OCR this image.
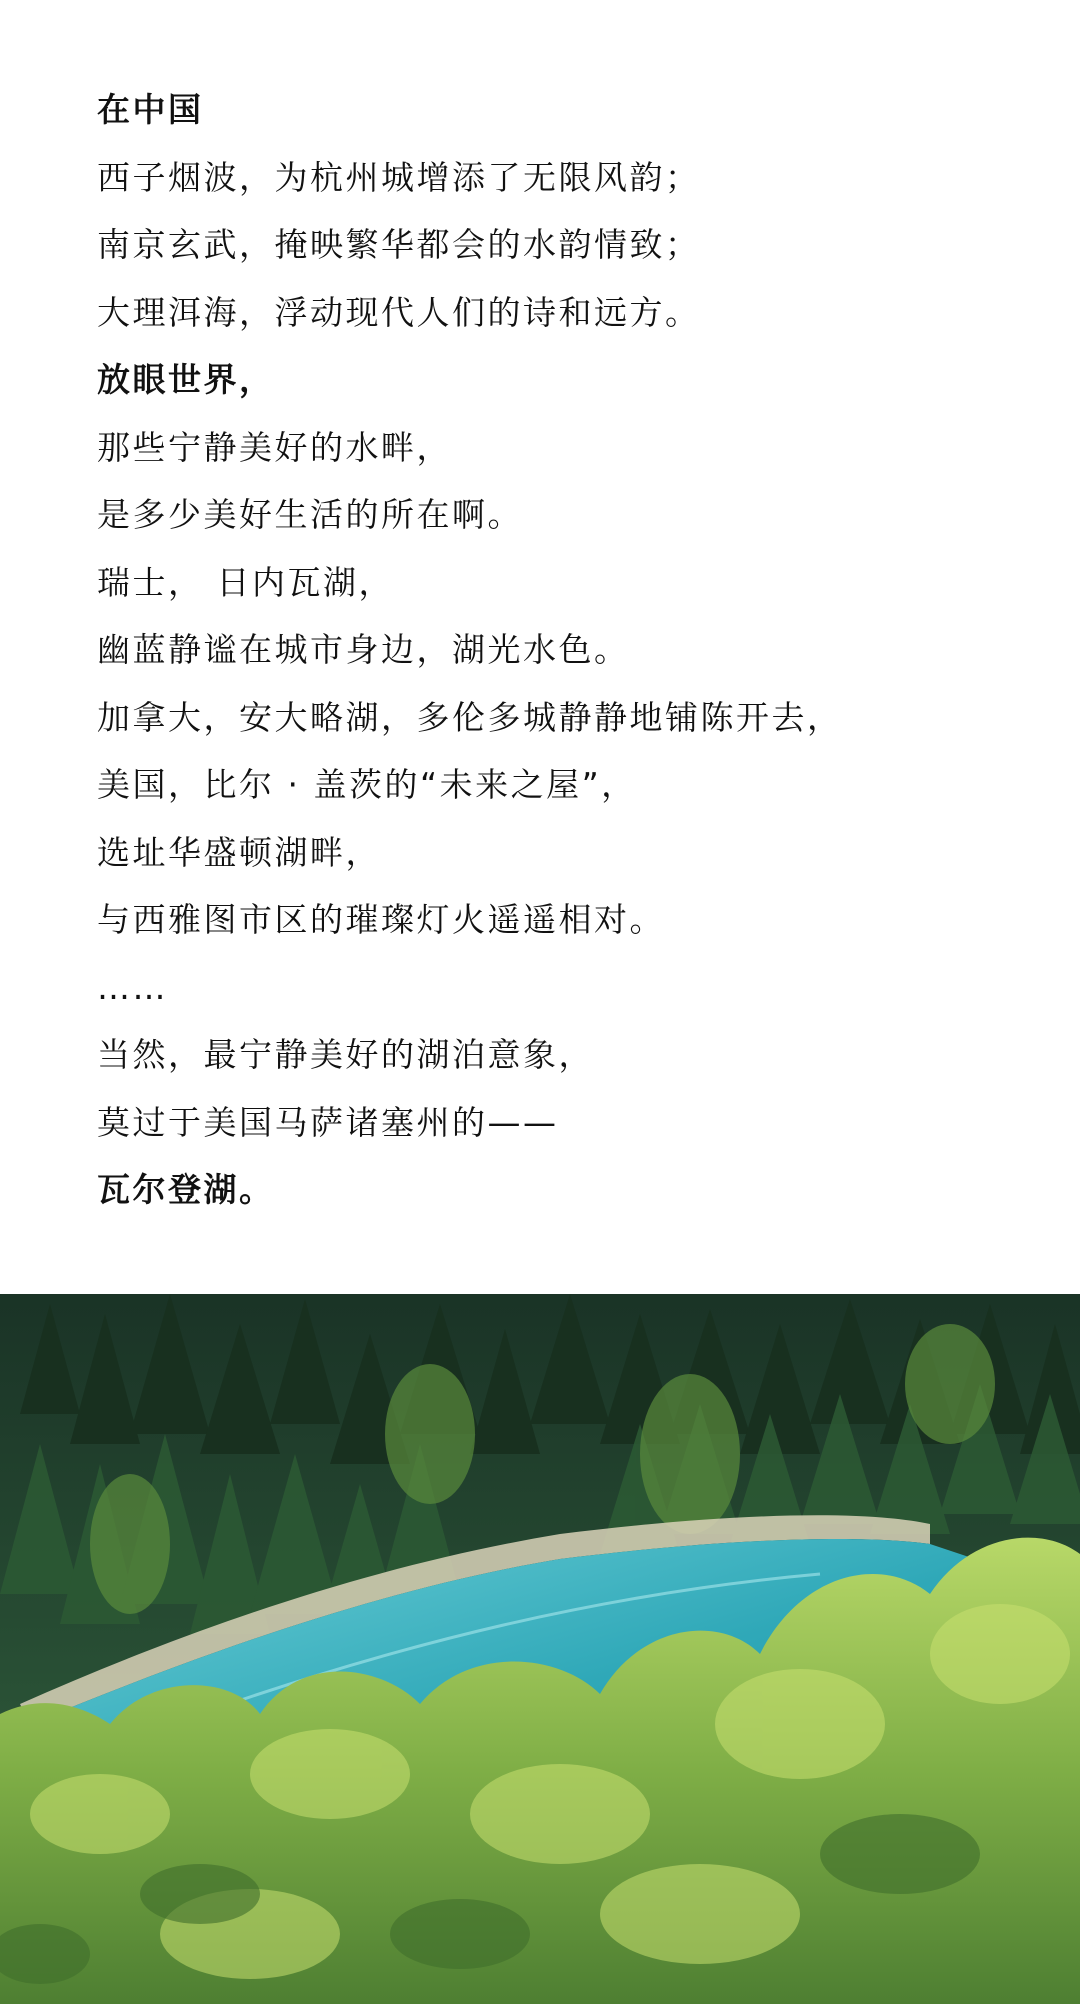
在中国
西子烟波，为杭州城增添了无限风韵；
南京玄武，掩映繁华都会的水韵情致；
大理洱海，浮动现代人们的诗和远方。
放眼世界，
那些宁静美好的水畔，
是多少美好生活的所在啊。
瑞士， 日内瓦湖，
幽蓝静谧在城市身边，湖光水色。
加拿大，安大略湖，多伦多城静静地铺陈开去，
美国，比尔 · 盖茨的“未来之屋”，
选址华盛顿湖畔，
与西雅图市区的璀璨灯火遥遥相对。
……
当然，最宁静美好的湖泊意象，
莫过于美国马萨诸塞州的——
瓦尔登湖。
